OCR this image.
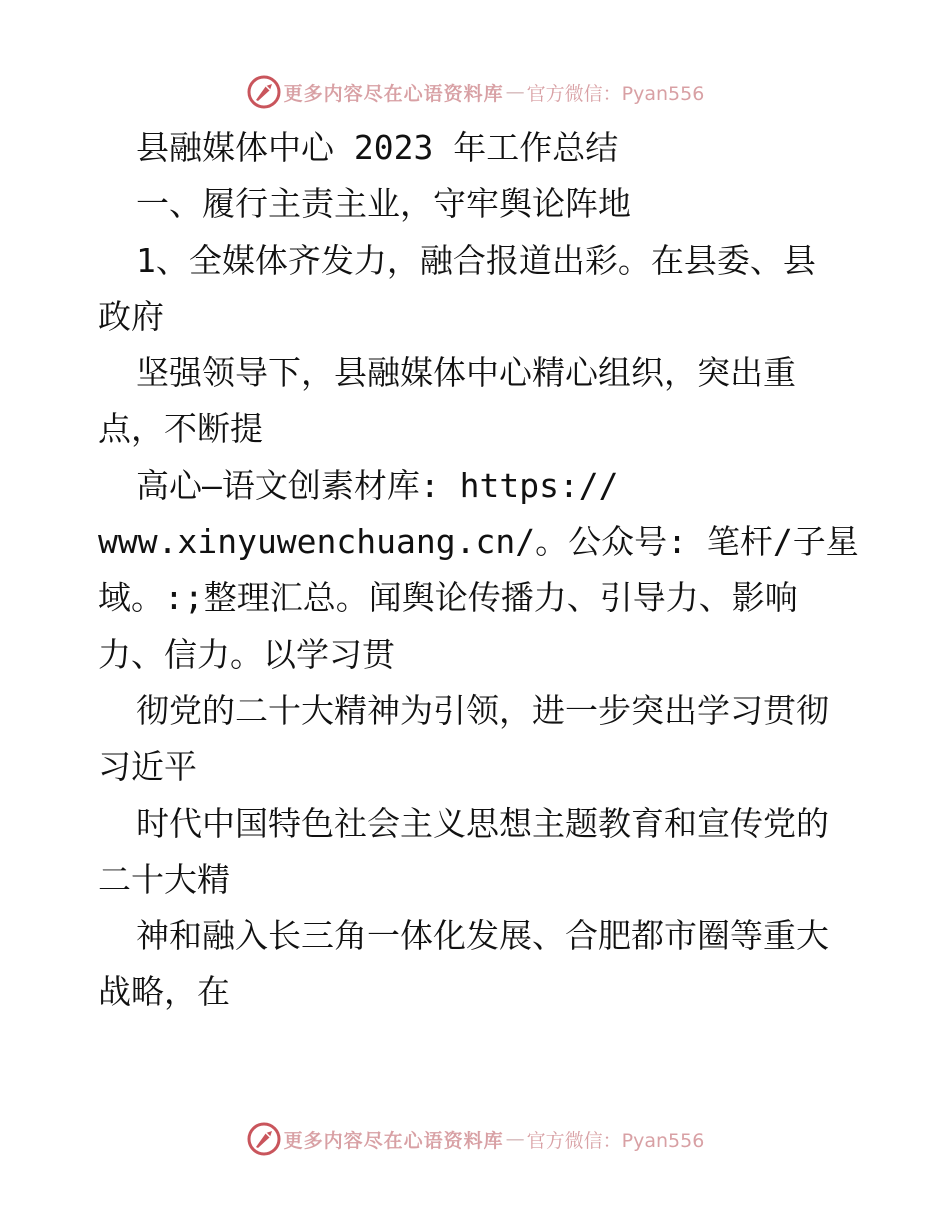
更多内容尽在心语资料库 — 官方微信：Pyan556
县融媒体中心 2023 年工作总结
一、履行主责主业，守牢舆论阵地
1、全媒体齐发力，融合报道出彩。在县委、县
政府
坚强领导下，县融媒体中心精心组织，突出重
点，不断提
高心—语文创素材库: https://
www.xinyuwenchuang.cn/。公众号: 笔杆/子星
域。:;整理汇总。闻舆论传播力、引导力、影响
力、信力。以学习贯
彻党的二十大精神为引领，进一步突出学习贯彻
习近平
时代中国特色社会主义思想主题教育和宣传党的
二十大精
神和融入长三角一体化发展、合肥都市圈等重大
战略，在
更多内容尽在心语资料库 — 官方微信：Pyan556
